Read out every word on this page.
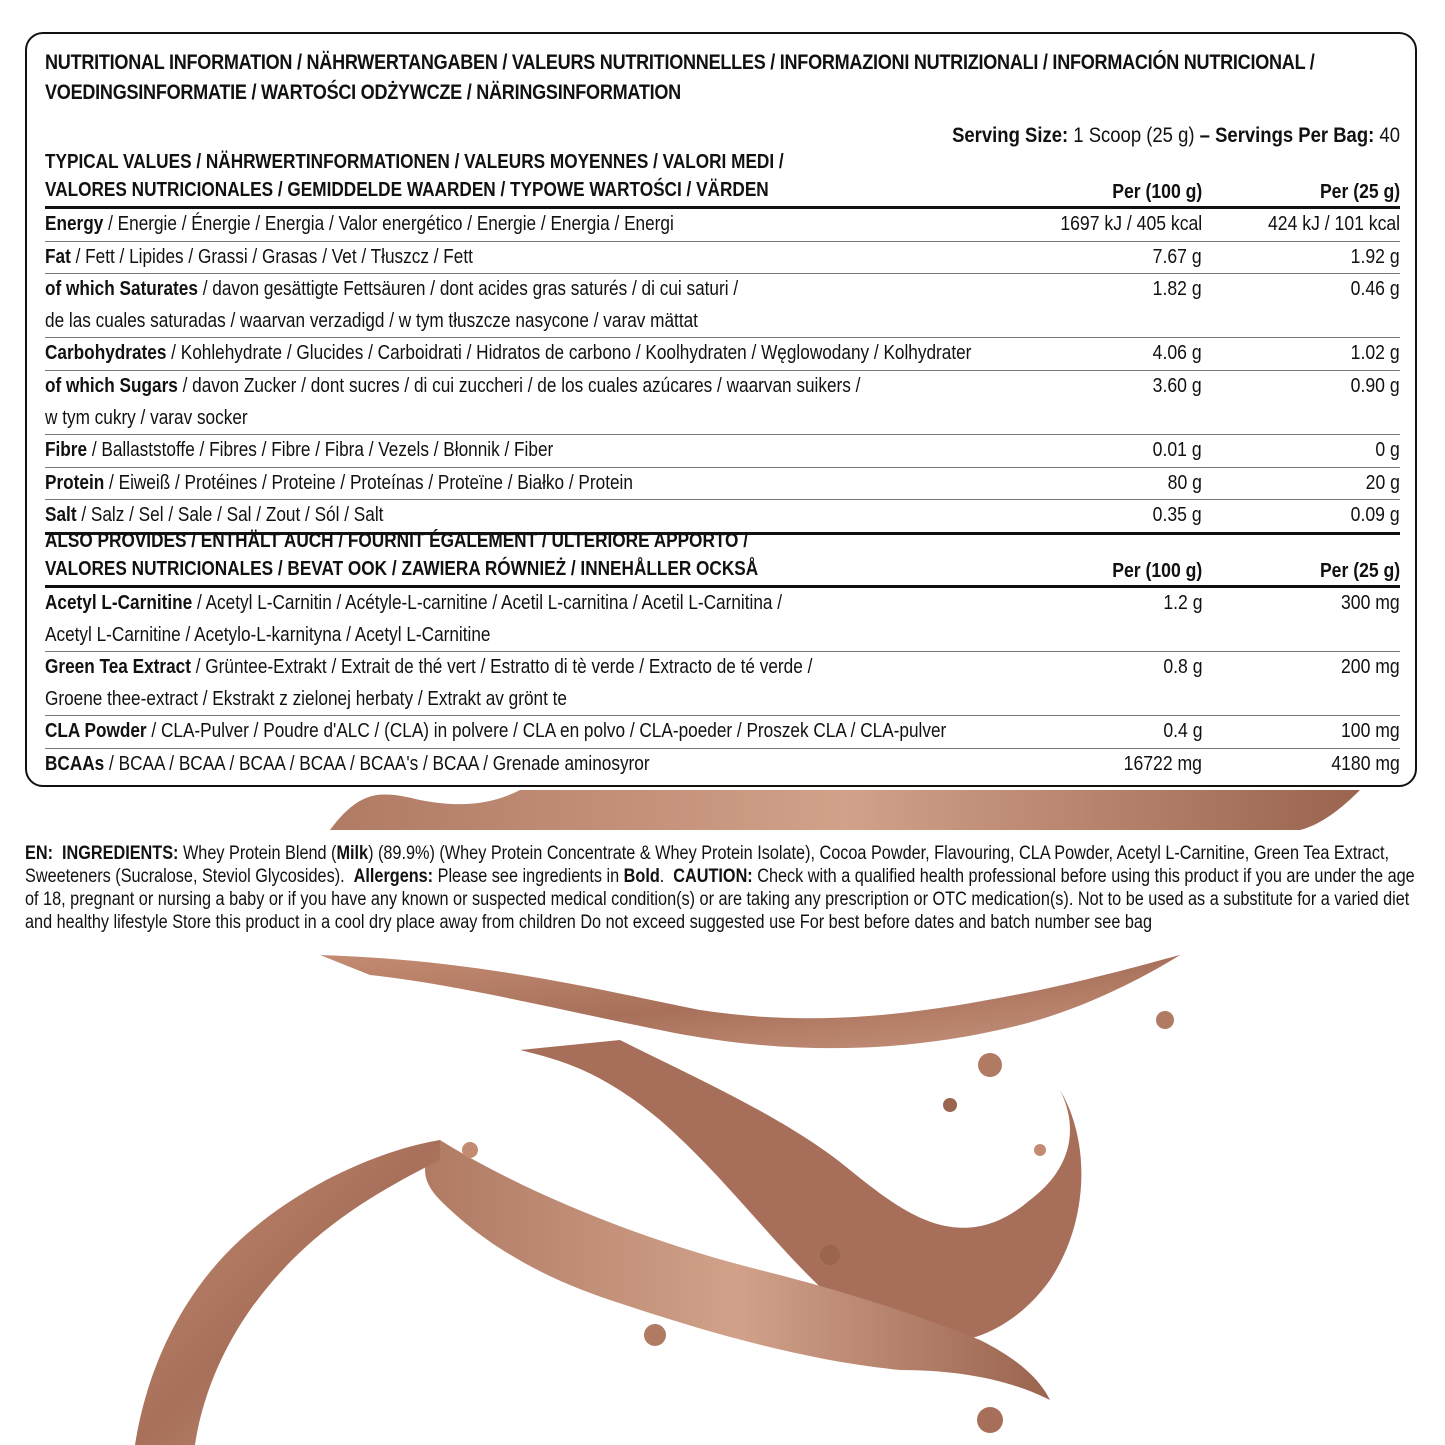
NUTRITIONAL INFORMATION / NÄHRWERTANGABEN / VALEURS NUTRITIONNELLES / INFORMAZIONI NUTRIZIONALI / INFORMACIÓN NUTRICIONAL / VOEDINGSINFORMATIE / WARTOŚCI ODŻYWCZE / NÄRINGSINFORMATION
Serving Size: 1 Scoop (25 g) – Servings Per Bag: 40
TYPICAL VALUES / NÄHRWERTINFORMATIONEN / VALEURS MOYENNES / VALORI MEDI /
VALORES NUTRICIONALES / GEMIDDELDE WAARDEN / TYPOWE WARTOŚCI / VÄRDEN	Per (100 g)	Per (25 g)
Energy / Energie / Énergie / Energia / Valor energético / Energie / Energia / Energi	1697 kJ / 405 kcal	424 kJ / 101 kcal
Fat / Fett / Lipides / Grassi / Grasas / Vet / Tłuszcz / Fett	7.67 g	1.92 g
of which Saturates / davon gesättigte Fettsäuren / dont acides gras saturés / di cui saturi /
de las cuales saturadas / waarvan verzadigd / w tym tłuszcze nasycone / varav mättat
1.82 g	0.46 g
Carbohydrates / Kohlehydrate / Glucides / Carboidrati / Hidratos de carbono / Koolhydraten / Węglowodany / Kolhydrater	4.06 g	1.02 g
of which Sugars / davon Zucker / dont sucres / di cui zuccheri / de los cuales azúcares / waarvan suikers /
w tym cukry / varav socker
3.60 g	0.90 g
Fibre / Ballaststoffe / Fibres / Fibre / Fibra / Vezels / Błonnik / Fiber	0.01 g	0 g
Protein / Eiweiß / Protéines / Proteine / Proteínas / Proteïne / Białko / Protein	80 g	20 g
Salt / Salz / Sel / Sale / Sal / Zout / Sól / Salt	0.35 g	0.09 g
ALSO PROVIDES / ENTHÄLT AUCH / FOURNIT ÉGALEMENT / ULTERIORE APPORTO /
VALORES NUTRICIONALES / BEVAT OOK / ZAWIERA RÓWNIEŻ / INNEHÅLLER OCKSÅ	Per (100 g)	Per (25 g)
Acetyl L-Carnitine / Acetyl L-Carnitin / Acétyle-L-carnitine / Acetil L-carnitina / Acetil L-Carnitina /
Acetyl L-Carnitine / Acetylo-L-karnityna / Acetyl L-Carnitine
1.2 g	300 mg
Green Tea Extract / Grüntee-Extrakt / Extrait de thé vert / Estratto di tè verde / Extracto de té verde /
Groene thee-extract / Ekstrakt z zielonej herbaty / Extrakt av grönt te
0.8 g	200 mg
CLA Powder / CLA-Pulver / Poudre d'ALC / (CLA) in polvere / CLA en polvo / CLA-poeder / Proszek CLA / CLA-pulver	0.4 g	100 mg
BCAAs / BCAA / BCAA / BCAA / BCAA / BCAA's / BCAA / Grenade aminosyror	16722 mg	4180 mg
EN: INGREDIENTS: Whey Protein Blend (Milk) (89.9%) (Whey Protein Concentrate & Whey Protein Isolate), Cocoa Powder, Flavouring, CLA Powder, Acetyl L-Carnitine, Green Tea Extract, Sweeteners (Sucralose, Steviol Glycosides). Allergens: Please see ingredients in Bold. CAUTION: Check with a qualified health professional before using this product if you are under the age of 18, pregnant or nursing a baby or if you have any known or suspected medical condition(s) or are taking any prescription or OTC medication(s). Not to be used as a substitute for a varied diet and healthy lifestyle Store this product in a cool dry place away from children Do not exceed suggested use For best before dates and batch number see bag
